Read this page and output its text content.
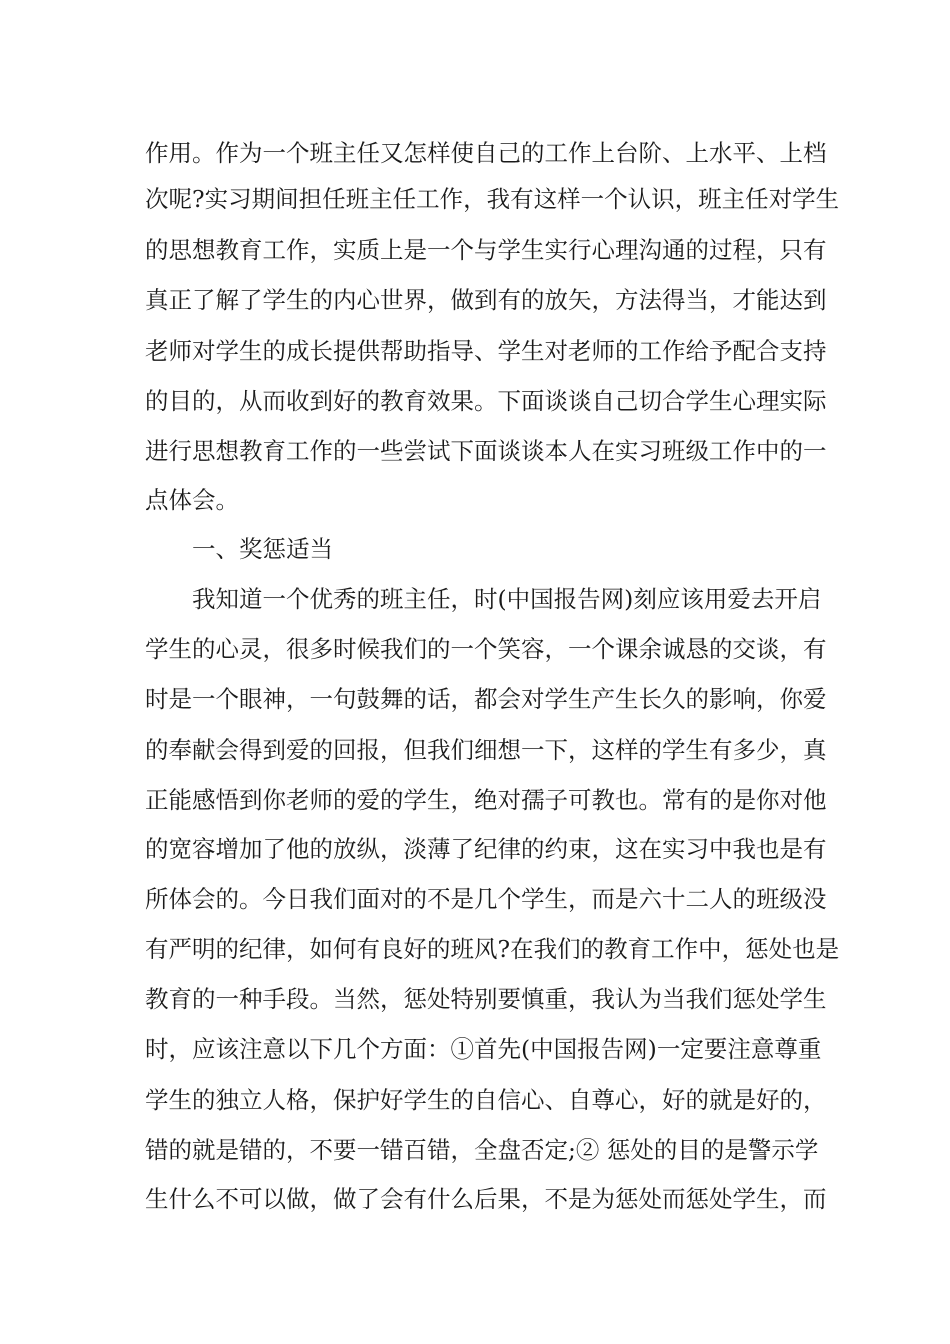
作用。作为一个班主任又怎样使自己的工作上台阶、上水平、上档
次呢?实习期间担任班主任工作，我有这样一个认识，班主任对学生
的思想教育工作，实质上是一个与学生实行心理沟通的过程，只有
真正了解了学生的内心世界，做到有的放矢，方法得当，才能达到
老师对学生的成长提供帮助指导、学生对老师的工作给予配合支持
的目的，从而收到好的教育效果。下面谈谈自己切合学生心理实际
进行思想教育工作的一些尝试下面谈谈本人在实习班级工作中的一
点体会。
一、奖惩适当
我知道一个优秀的班主任，时(中国报告网)刻应该用爱去开启
学生的心灵，很多时候我们的一个笑容，一个课余诚恳的交谈，有
时是一个眼神，一句鼓舞的话，都会对学生产生长久的影响，你爱
的奉献会得到爱的回报，但我们细想一下，这样的学生有多少，真
正能感悟到你老师的爱的学生，绝对孺子可教也。常有的是你对他
的宽容增加了他的放纵，淡薄了纪律的约束，这在实习中我也是有
所体会的。今日我们面对的不是几个学生，而是六十二人的班级没
有严明的纪律，如何有良好的班风?在我们的教育工作中，惩处也是
教育的一种手段。当然，惩处特别要慎重，我认为当我们惩处学生
时，应该注意以下几个方面：①首先(中国报告网)一定要注意尊重
学生的独立人格，保护好学生的自信心、自尊心，好的就是好的，
错的就是错的，不要一错百错，全盘否定;② 惩处的目的是警示学
生什么不可以做，做了会有什么后果，不是为惩处而惩处学生，而
